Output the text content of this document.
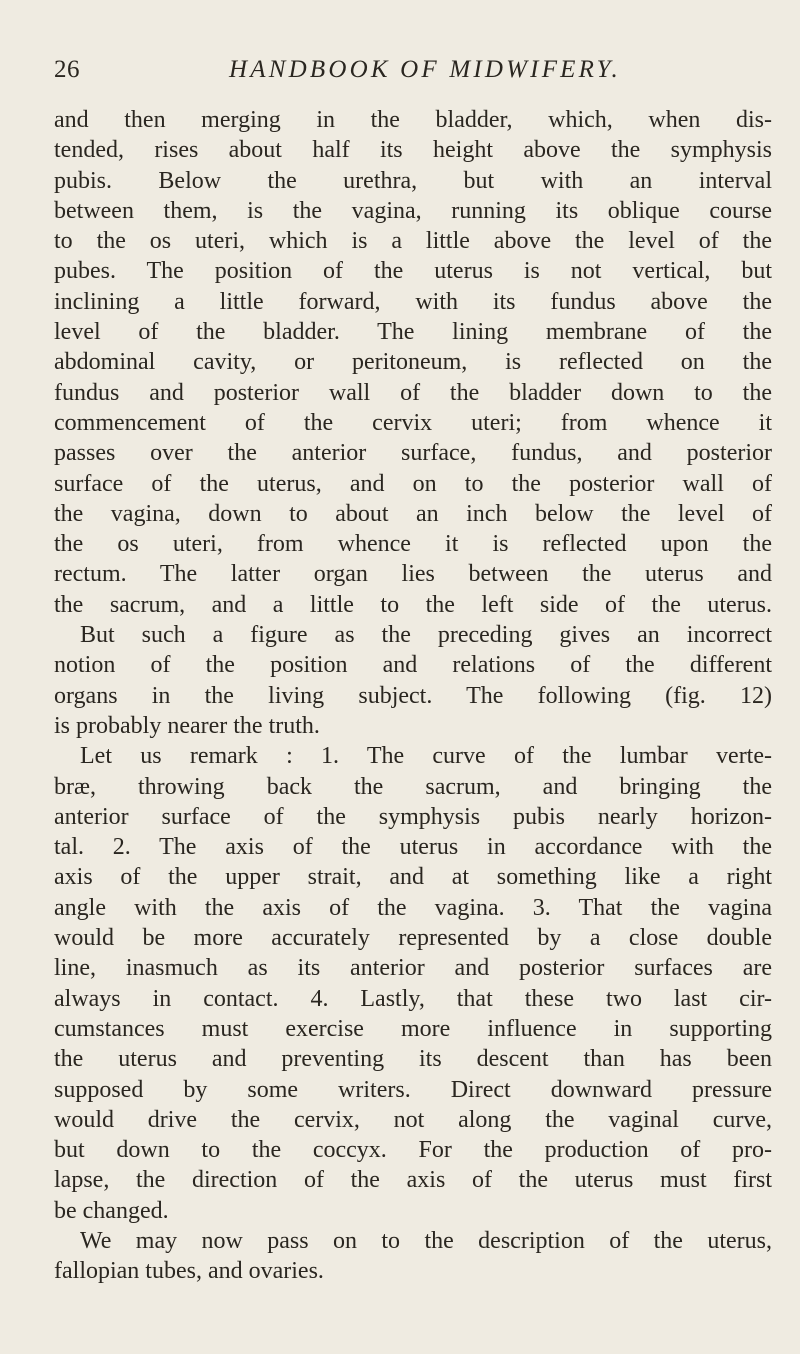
26	HANDBOOK OF MIDWIFERY.
and then merging in the bladder, which, when dis-
tended, rises about half its height above the symphysis
pubis. Below the urethra, but with an interval
between them, is the vagina, running its oblique course
to the os uteri, which is a little above the level of the
pubes. The position of the uterus is not vertical, but
inclining a little forward, with its fundus above the
level of the bladder. The lining membrane of the
abdominal cavity, or peritoneum, is reflected on the
fundus and posterior wall of the bladder down to the
commencement of the cervix uteri; from whence it
passes over the anterior surface, fundus, and posterior
surface of the uterus, and on to the posterior wall of
the vagina, down to about an inch below the level of
the os uteri, from whence it is reflected upon the
rectum. The latter organ lies between the uterus and
the sacrum, and a little to the left side of the uterus.
But such a figure as the preceding gives an incorrect
notion of the position and relations of the different
organs in the living subject. The following (fig. 12)
is probably nearer the truth.
Let us remark : 1. The curve of the lumbar verte-
bræ, throwing back the sacrum, and bringing the
anterior surface of the symphysis pubis nearly horizon-
tal. 2. The axis of the uterus in accordance with the
axis of the upper strait, and at something like a right
angle with the axis of the vagina. 3. That the vagina
would be more accurately represented by a close double
line, inasmuch as its anterior and posterior surfaces are
always in contact. 4. Lastly, that these two last cir-
cumstances must exercise more influence in supporting
the uterus and preventing its descent than has been
supposed by some writers. Direct downward pressure
would drive the cervix, not along the vaginal curve,
but down to the coccyx. For the production of pro-
lapse, the direction of the axis of the uterus must first
be changed.
We may now pass on to the description of the uterus,
fallopian tubes, and ovaries.
